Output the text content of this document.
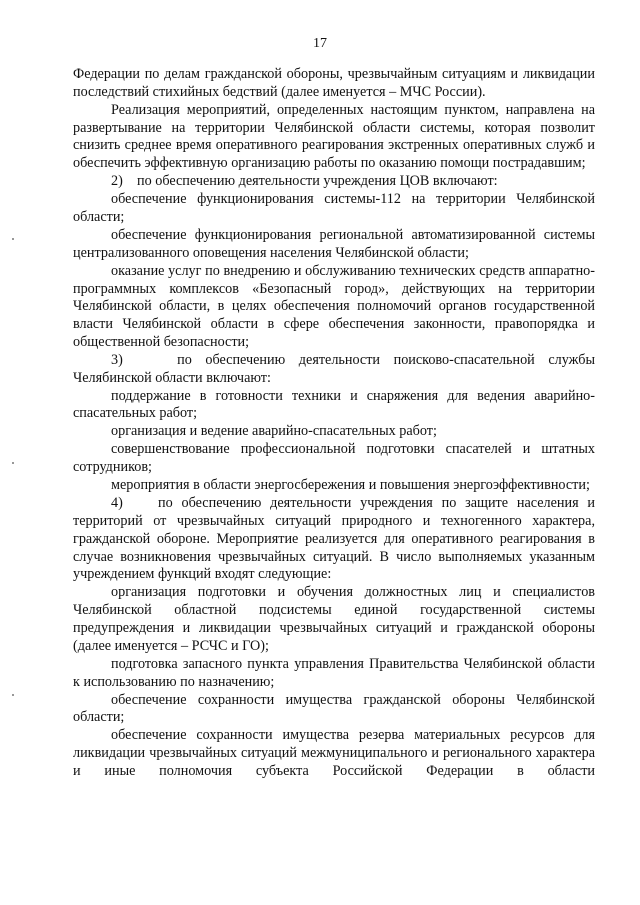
17

Федерации по делам гражданской обороны, чрезвычайным ситуациям и ликвидации последствий стихийных бедствий (далее именуется – МЧС России).

Реализация мероприятий, определенных настоящим пунктом, направлена на развертывание на территории Челябинской области системы, которая позволит снизить среднее время оперативного реагирования экстренных оперативных служб и обеспечить эффективную организацию работы по оказанию помощи пострадавшим;

2)    по обеспечению деятельности учреждения ЦОВ включают:

обеспечение функционирования системы-112 на территории Челябинской области;

обеспечение функционирования региональной автоматизированной системы централизованного оповещения населения Челябинской области;

оказание услуг по внедрению и обслуживанию технических средств аппаратно-программных комплексов «Безопасный город», действующих на территории Челябинской области, в целях обеспечения полномочий органов государственной власти Челябинской области в сфере обеспечения законности, правопорядка и общественной безопасности;

3)    по обеспечению деятельности поисково-спасательной службы Челябинской области включают:

поддержание в готовности техники и снаряжения для ведения аварийно-спасательных работ;

организация и ведение аварийно-спасательных работ;

совершенствование профессиональной подготовки спасателей и штатных сотрудников;

мероприятия в области энергосбережения и повышения энергоэффективности;

4)    по обеспечению деятельности учреждения по защите населения и территорий от чрезвычайных ситуаций природного и техногенного характера, гражданской обороне. Мероприятие реализуется для оперативного реагирования в случае возникновения чрезвычайных ситуаций. В число выполняемых указанным учреждением функций входят следующие:

организация подготовки и обучения должностных лиц и специалистов Челябинской областной подсистемы единой государственной системы предупреждения и ликвидации чрезвычайных ситуаций и гражданской обороны (далее именуется – РСЧС и ГО);

подготовка запасного пункта управления Правительства Челябинской области к использованию по назначению;

обеспечение сохранности имущества гражданской обороны Челябинской области;

обеспечение сохранности имущества резерва материальных ресурсов для ликвидации чрезвычайных ситуаций межмуниципального и регионального характера и иные полномочия субъекта Российской Федерации в области
